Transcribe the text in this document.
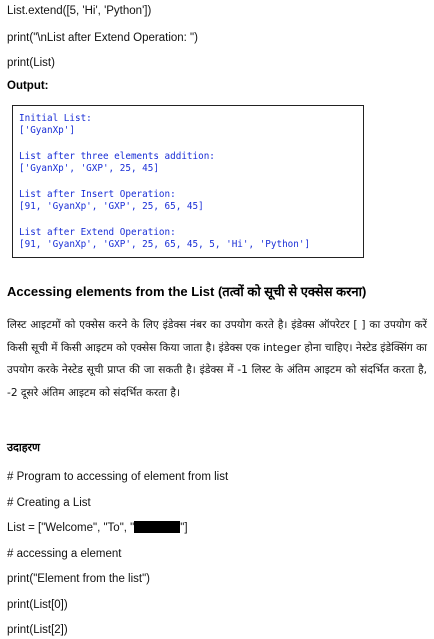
List.extend([5, 'Hi', 'Python'])
print("\nList after Extend Operation: ")
print(List)
Output:
Initial List:
['GyanXp']
List after three elements addition:
['GyanXp', 'GXP', 25, 45]
List after Insert Operation:
[91, 'GyanXp', 'GXP', 25, 65, 45]
List after Extend Operation:
[91, 'GyanXp', 'GXP', 25, 65, 45, 5, 'Hi', 'Python']
Accessing elements from the List (तत्वों को सूची से एक्सेस करना)
लिस्ट आइटमों को एक्सेस करने के लिए इंडेक्स नंबर का उपयोग करते है। इंडेक्स ऑपरेटर [ ] का उपयोग करें किसी सूची में किसी आइटम को एक्सेस किया जाता है। इंडेक्स एक integer होना चाहिए। नेस्टेड इंडेक्सिंग का उपयोग करके नेस्टेड सूची प्राप्त की जा सकती है। इंडेक्स में -1 लिस्ट के अंतिम आइटम को संदर्भित करता है, -2 दूसरे अंतिम आइटम को संदर्भित करता है।
उदाहरण
# Program to accessing of element from list
# Creating a List
List = ["Welcome", "To", "	"]
# accessing a element
print("Element from the list")
print(List[0])
print(List[2])
